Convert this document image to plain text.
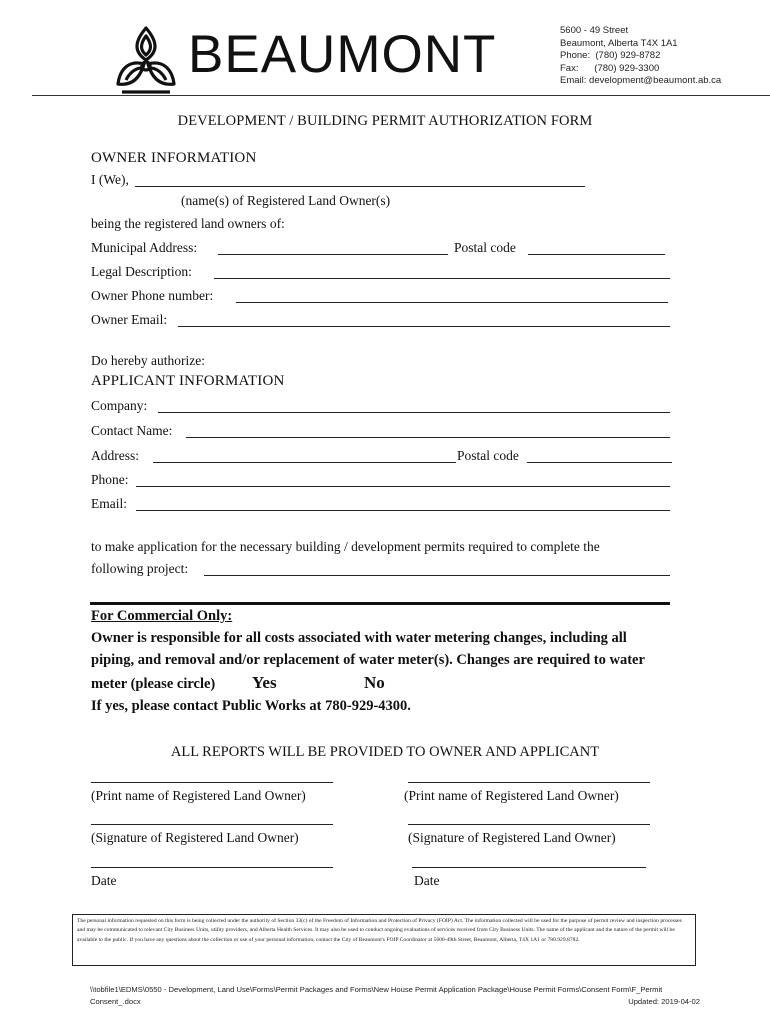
BEAUMONT	5600 - 49 Street
Beaumont, Alberta T4X 1A1
Phone:  (780) 929-8782
Fax:      (780) 929-3300
Email: development@beaumont.ab.ca
DEVELOPMENT / BUILDING PERMIT AUTHORIZATION FORM
OWNER INFORMATION
I (We),
(name(s) of Registered Land Owner(s)
being the registered land owners of:
Municipal Address:	Postal code
Legal Description:
Owner Phone number:
Owner Email:
Do hereby authorize:
APPLICANT INFORMATION
Company:
Contact Name:
Address:	Postal code
Phone:
Email:
to make application for the necessary building / development permits required to complete the
following project:
For Commercial Only:
Owner is responsible for all costs associated with water metering changes, including all
piping, and removal and/or replacement of water meter(s). Changes are required to water
meter (please circle) Yes	No
If yes, please contact Public Works at 780-929-4300.
ALL REPORTS WILL BE PROVIDED TO OWNER AND APPLICANT
(Print name of Registered Land Owner)	(Print name of Registered Land Owner)
(Signature of Registered Land Owner)	(Signature of Registered Land Owner)
Date	Date
The personal information requested on this form is being collected under the authority of Section 33(c) of the Freedom of Information and Protection of Privacy (FOIP) Act. The information collected will be used for the purpose of permit review and inspection processes and may be communicated to relevant City Business Units, utility providers, and Alberta Health Services. It may also be used to conduct ongoing evaluations of services received from City Business Units. The name of the applicant and the nature of the permit will be available to the public. If you have any questions about the collection or use of your personal information, contact the City of Beaumont's FOIP Coordinator at 5600-49th Street, Beaumont, Alberta, T4X 1A1 or 780.929.8782.
\\tobfile1\EDMS\0550 - Development, Land Use\Forms\Permit Packages and Forms\New House Permit Application Package\House Permit Forms\Consent Form\F_Permit
Consent_.docx	Updated: 2019-04-02
